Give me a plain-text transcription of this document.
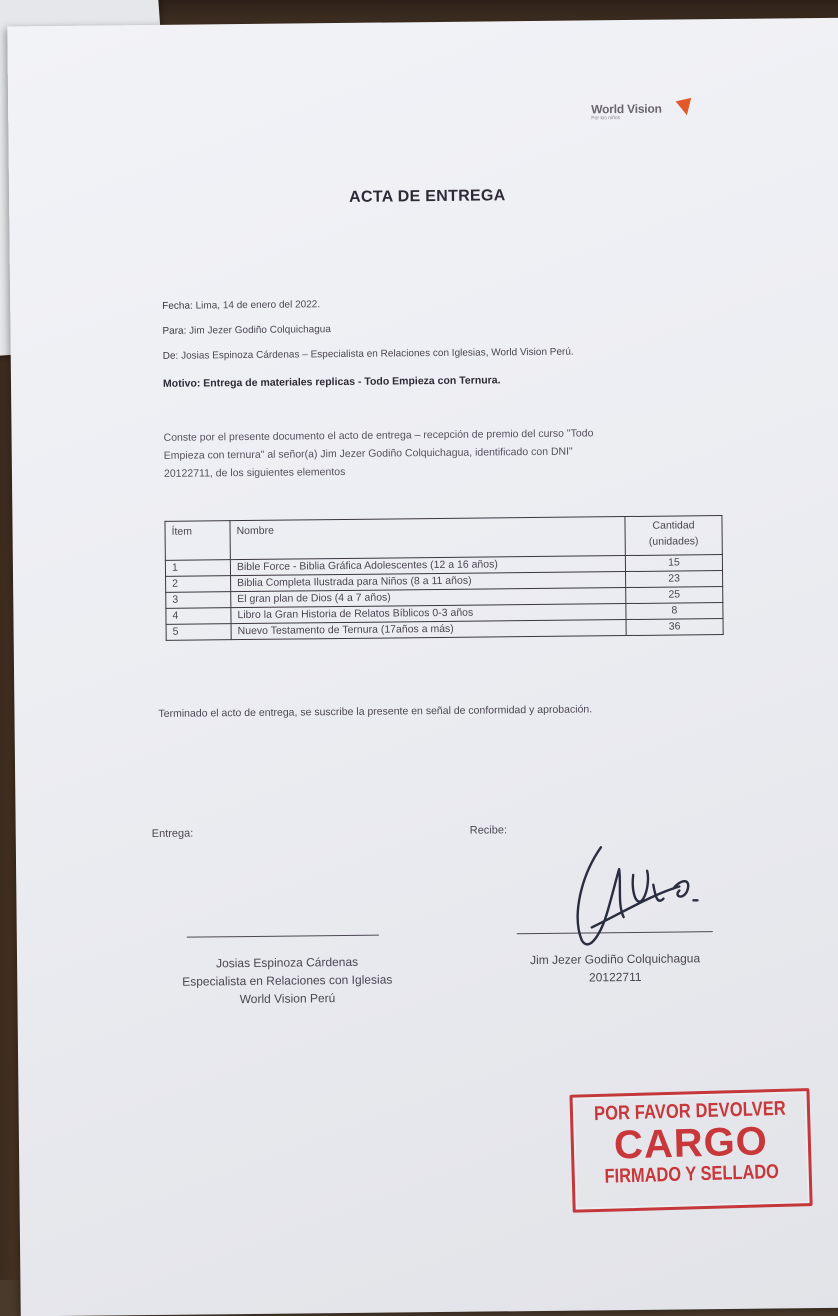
World Vision
Por los niños
ACTA DE ENTREGA
Fecha: Lima, 14 de enero del 2022.
Para: Jim Jezer Godiño Colquichagua
De: Josias Espinoza Cárdenas – Especialista en Relaciones con Iglesias, World Vision Perú.
Motivo: Entrega de materiales replicas - Todo Empieza con Ternura.
Conste por el presente documento el acto de entrega – recepción de premio del curso "Todo
Empieza con ternura" al señor(a) Jim Jezer Godiño Colquichagua, identificado con DNI"
20122711, de los siguientes elementos
Ítem	Nombre	Cantidad
(unidades)

1	Bible Force - Biblia Gráfica Adolescentes (12 a 16 años)	15
2	Biblia Completa Ilustrada para Niños (8 a 11 años)	23
3	El gran plan de Dios (4 a 7 años)	25
4	Libro la Gran Historia de Relatos Bíblicos 0-3 años	8
5	Nuevo Testamento de Ternura (17años a más)	36
Terminado el acto de entrega, se suscribe la presente en señal de conformidad y aprobación.
Entrega:	Recibe:
Josias Espinoza Cárdenas
Especialista en Relaciones con Iglesias
World Vision Perú
Jim Jezer Godiño Colquichagua
20122711
POR FAVOR DEVOLVER
CARGO
FIRMADO Y SELLADO
